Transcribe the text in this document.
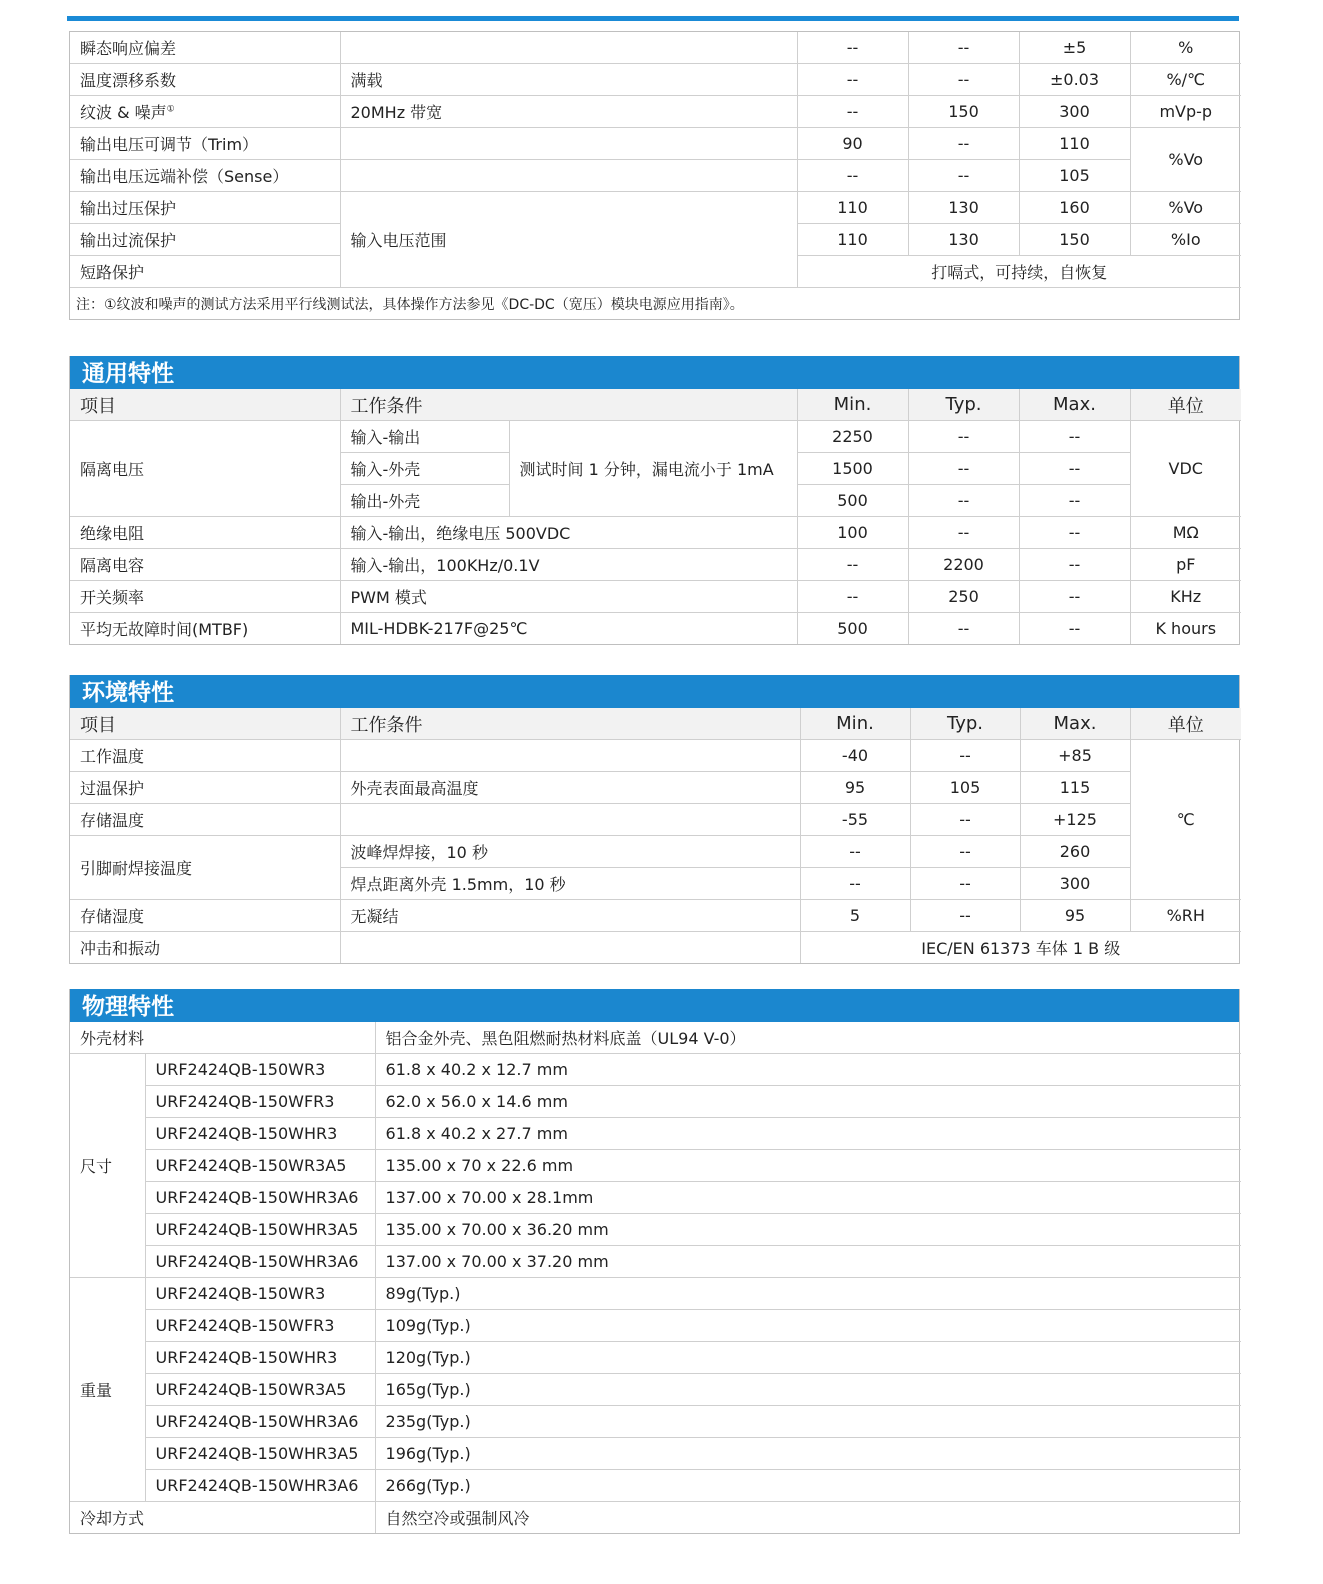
瞬态响应偏差		--	--	±5	%
温度漂移系数	满载	--	--	±0.03	%/℃
纹波 & 噪声①	20MHz 带宽	--	150	300	mVp-p
输出电压可调节（Trim）		90	--	110	%Vo
输出电压远端补偿（Sense）		--	--	105	
输出过压保护	输入电压范围	110	130	160	%Vo
输出过流保护		110	130	150	%Io
短路保护		打嗝式，可持续，自恢复			
注：①纹波和噪声的测试方法采用平行线测试法，具体操作方法参见《DC-DC（宽压）模块电源应用指南》。					
通用特性
项目	工作条件		Min.	Typ.	Max.	单位
隔离电压	输入-输出	测试时间 1 分钟，漏电流小于 1mA	2250	--	--	VDC
	输入-外壳		1500	--	--	
	输出-外壳		500	--	--	
绝缘电阻	输入-输出，绝缘电压 500VDC		100	--	--	MΩ
隔离电容	输入-输出，100KHz/0.1V		--	2200	--	pF
开关频率	PWM 模式		--	250	--	KHz
平均无故障时间(MTBF)	MIL-HDBK-217F@25℃		500	--	--	K hours
环境特性
项目	工作条件	Min.	Typ.	Max.	单位
工作温度		-40	--	+85	℃
过温保护	外壳表面最高温度	95	105	115	
存储温度		-55	--	+125	
引脚耐焊接温度	波峰焊焊接，10 秒	--	--	260	
	焊点距离外壳 1.5mm，10 秒	--	--	300	
存储湿度	无凝结	5	--	95	%RH
冲击和振动		IEC/EN 61373 车体 1 B 级			
物理特性
外壳材料		铝合金外壳、黑色阻燃耐热材料底盖（UL94 V-0）
尺寸	URF2424QB-150WR3	61.8 x 40.2 x 12.7 mm
	URF2424QB-150WFR3	62.0 x 56.0 x 14.6 mm
	URF2424QB-150WHR3	61.8 x 40.2 x 27.7 mm
	URF2424QB-150WR3A5	135.00 x 70 x 22.6 mm
	URF2424QB-150WHR3A6	137.00 x 70.00 x 28.1mm
	URF2424QB-150WHR3A5	135.00 x 70.00 x 36.20 mm
	URF2424QB-150WHR3A6	137.00 x 70.00 x 37.20 mm
重量	URF2424QB-150WR3	89g(Typ.)
	URF2424QB-150WFR3	109g(Typ.)
	URF2424QB-150WHR3	120g(Typ.)
	URF2424QB-150WR3A5	165g(Typ.)
	URF2424QB-150WHR3A6	235g(Typ.)
	URF2424QB-150WHR3A5	196g(Typ.)
	URF2424QB-150WHR3A6	266g(Typ.)
冷却方式		自然空冷或强制风冷
